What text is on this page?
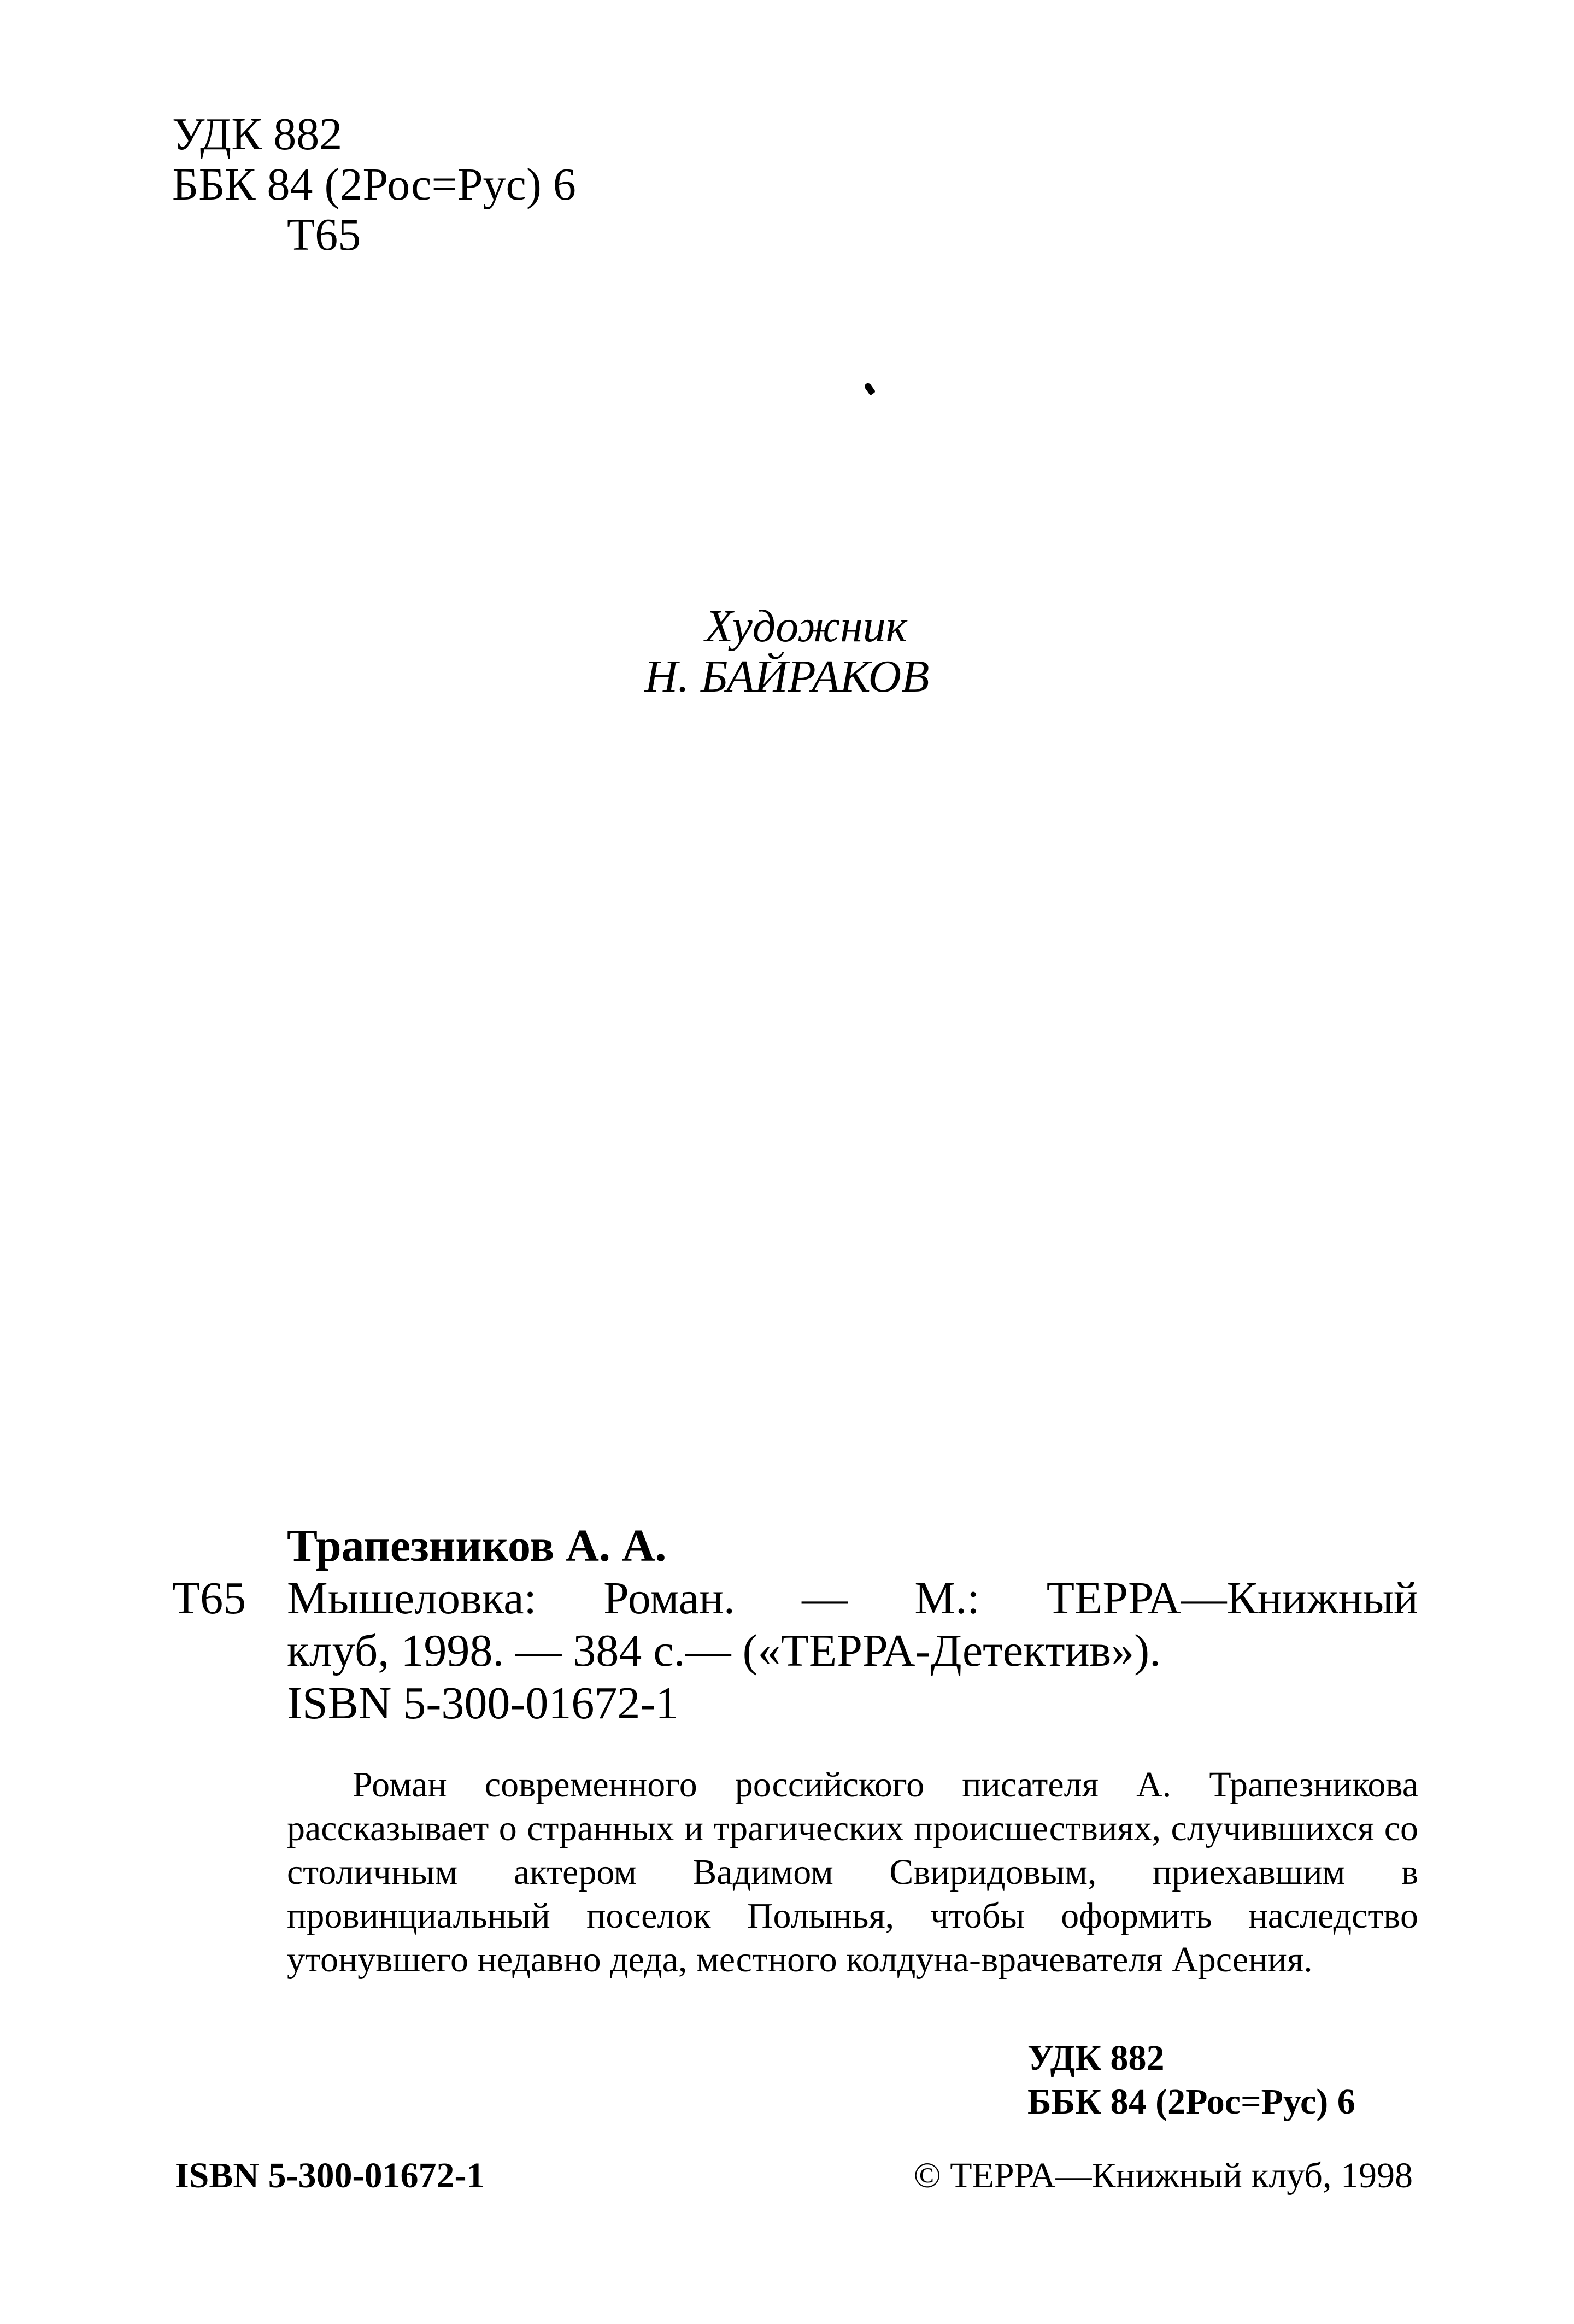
УДК 882
ББК 84 (2Рос=Рус) 6
Т65
Художник
Н. БАЙРАКОВ
Трапезников А. А.
Т65 Мышеловка: Роман. — М.: ТЕРРА—Книжный
клуб, 1998. — 384 с.— («ТЕРРА-Детектив»).
ISBN 5-300-01672-1

Роман современного российского писателя А. Трапезникова рассказывает о странных и трагических происшествиях, случившихся со столичным актером Вадимом Свиридовым, приехавшим в провинциальный поселок Полынья, чтобы оформить наследство утонувшего недавно деда, местного колдуна-врачевателя Арсения.

УДК 882
ББК 84 (2Рос=Рус) 6
ISBN 5-300-01672-1	© ТЕРРА—Книжный клуб, 1998
